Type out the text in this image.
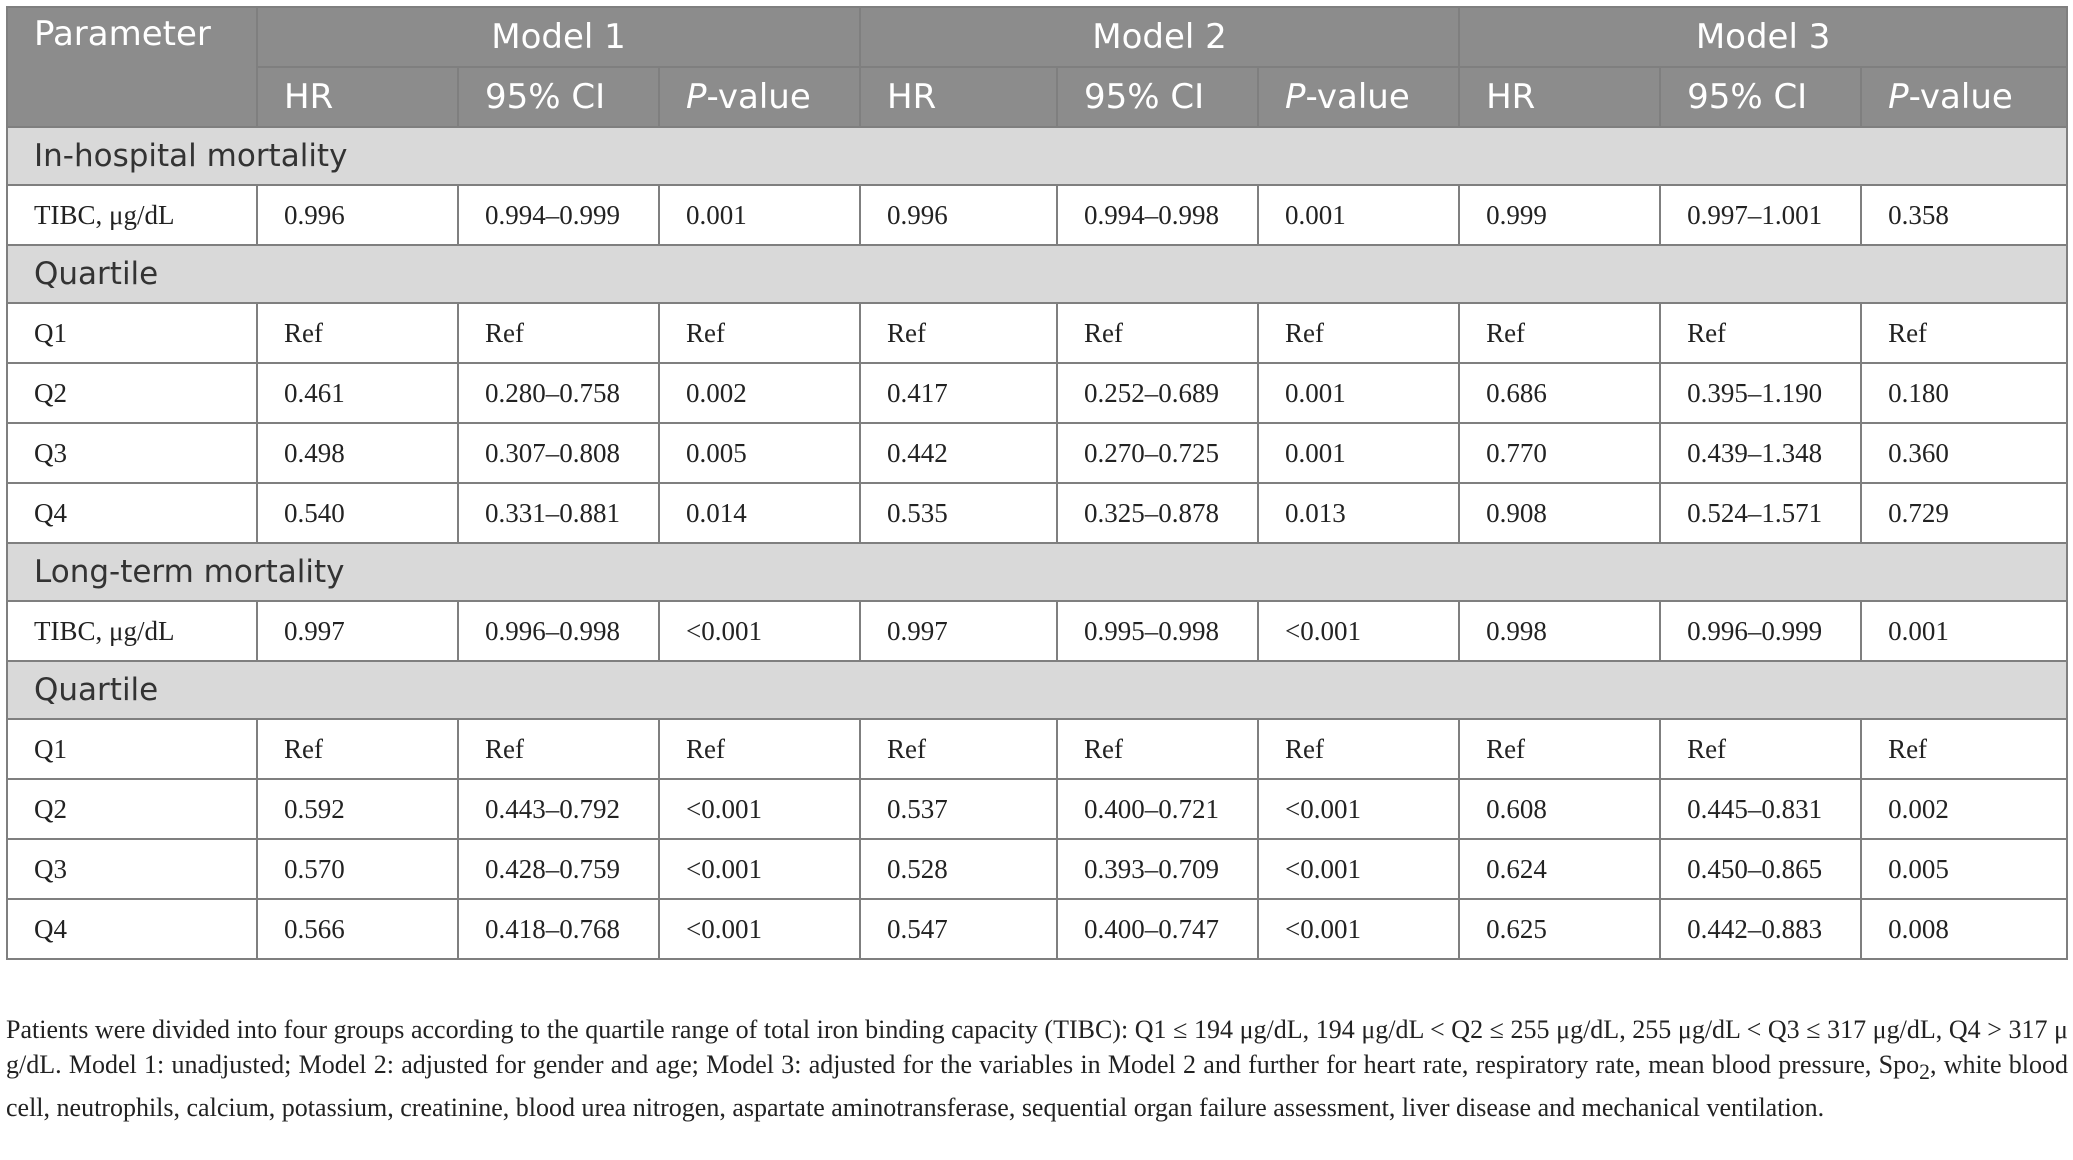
Parameter	Model 1			Model 2			Model 3		
	HR	95% CI	P-value	HR	95% CI	P-value	HR	95% CI	P-value
In-hospital mortality									
TIBC, μg/dL	0.996	0.994–0.999	0.001	0.996	0.994–0.998	0.001	0.999	0.997–1.001	0.358
Quartile									
Q1	Ref	Ref	Ref	Ref	Ref	Ref	Ref	Ref	Ref
Q2	0.461	0.280–0.758	0.002	0.417	0.252–0.689	0.001	0.686	0.395–1.190	0.180
Q3	0.498	0.307–0.808	0.005	0.442	0.270–0.725	0.001	0.770	0.439–1.348	0.360
Q4	0.540	0.331–0.881	0.014	0.535	0.325–0.878	0.013	0.908	0.524–1.571	0.729
Long-term mortality									
TIBC, μg/dL	0.997	0.996–0.998	<0.001	0.997	0.995–0.998	<0.001	0.998	0.996–0.999	0.001
Quartile									
Q1	Ref	Ref	Ref	Ref	Ref	Ref	Ref	Ref	Ref
Q2	0.592	0.443–0.792	<0.001	0.537	0.400–0.721	<0.001	0.608	0.445–0.831	0.002
Q3	0.570	0.428–0.759	<0.001	0.528	0.393–0.709	<0.001	0.624	0.450–0.865	0.005
Q4	0.566	0.418–0.768	<0.001	0.547	0.400–0.747	<0.001	0.625	0.442–0.883	0.008
Patients were divided into four groups according to the quartile range of total iron binding capacity (TIBC): Q1 ≤ 194 μg/dL, 194 μg/dL < Q2 ≤ 255 μg/dL, 255 μg/dL < Q3 ≤ 317 μg/dL, Q4 > 317 μ g/dL. Model 1: unadjusted; Model 2: adjusted for gender and age; Model 3: adjusted for the variables in Model 2 and further for heart rate, respiratory rate, mean blood pressure, Spo$_2$, white blood cell, neutrophils, calcium, potassium, creatinine, blood urea nitrogen, aspartate aminotransferase, sequential organ failure assessment, liver disease and mechanical ventilation.
